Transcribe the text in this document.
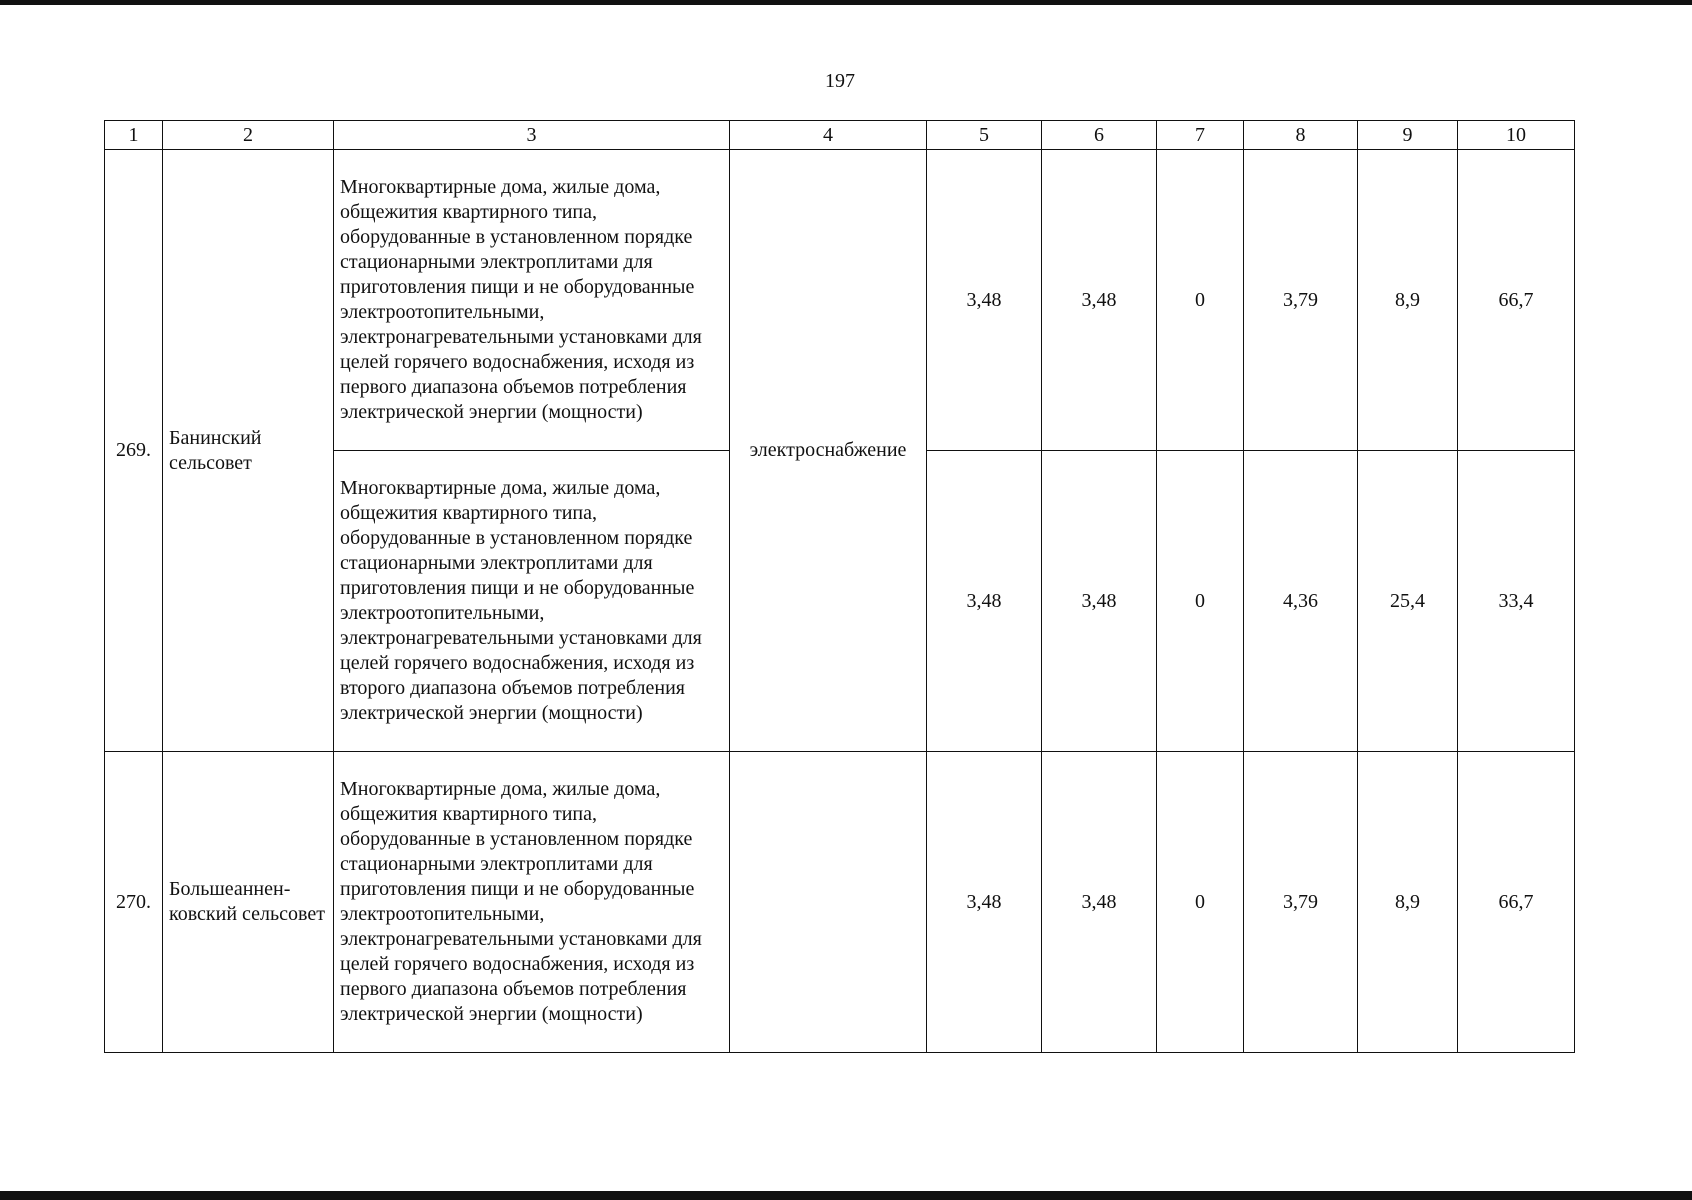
197
1	2	3	4	5	6	7	8	9	10
269.	Банинский сельсовет	Многоквартирные дома, жилые дома, общежития квартирного типа, оборудованные в установленном порядке стационарными электроплитами для приготовления пищи и не оборудованные электроотопительными, электронагревательными установками для целей горячего водоснабжения, исходя из первого диапазона объемов потребления электрической энергии (мощности)	электроснабжение	3,48	3,48	0	3,79	8,9	66,7
		Многоквартирные дома, жилые дома, общежития квартирного типа, оборудованные в установленном порядке стационарными электроплитами для приготовления пищи и не оборудованные электроотопительными, электронагревательными установками для целей горячего водоснабжения, исходя из второго диапазона объемов потребления электрической энергии (мощности)		3,48	3,48	0	4,36	25,4	33,4
270.	Большеаннен-ковский сельсовет	Многоквартирные дома, жилые дома, общежития квартирного типа, оборудованные в установленном порядке стационарными электроплитами для приготовления пищи и не оборудованные электроотопительными, электронагревательными установками для целей горячего водоснабжения, исходя из первого диапазона объемов потребления электрической энергии (мощности)		3,48	3,48	0	3,79	8,9	66,7
